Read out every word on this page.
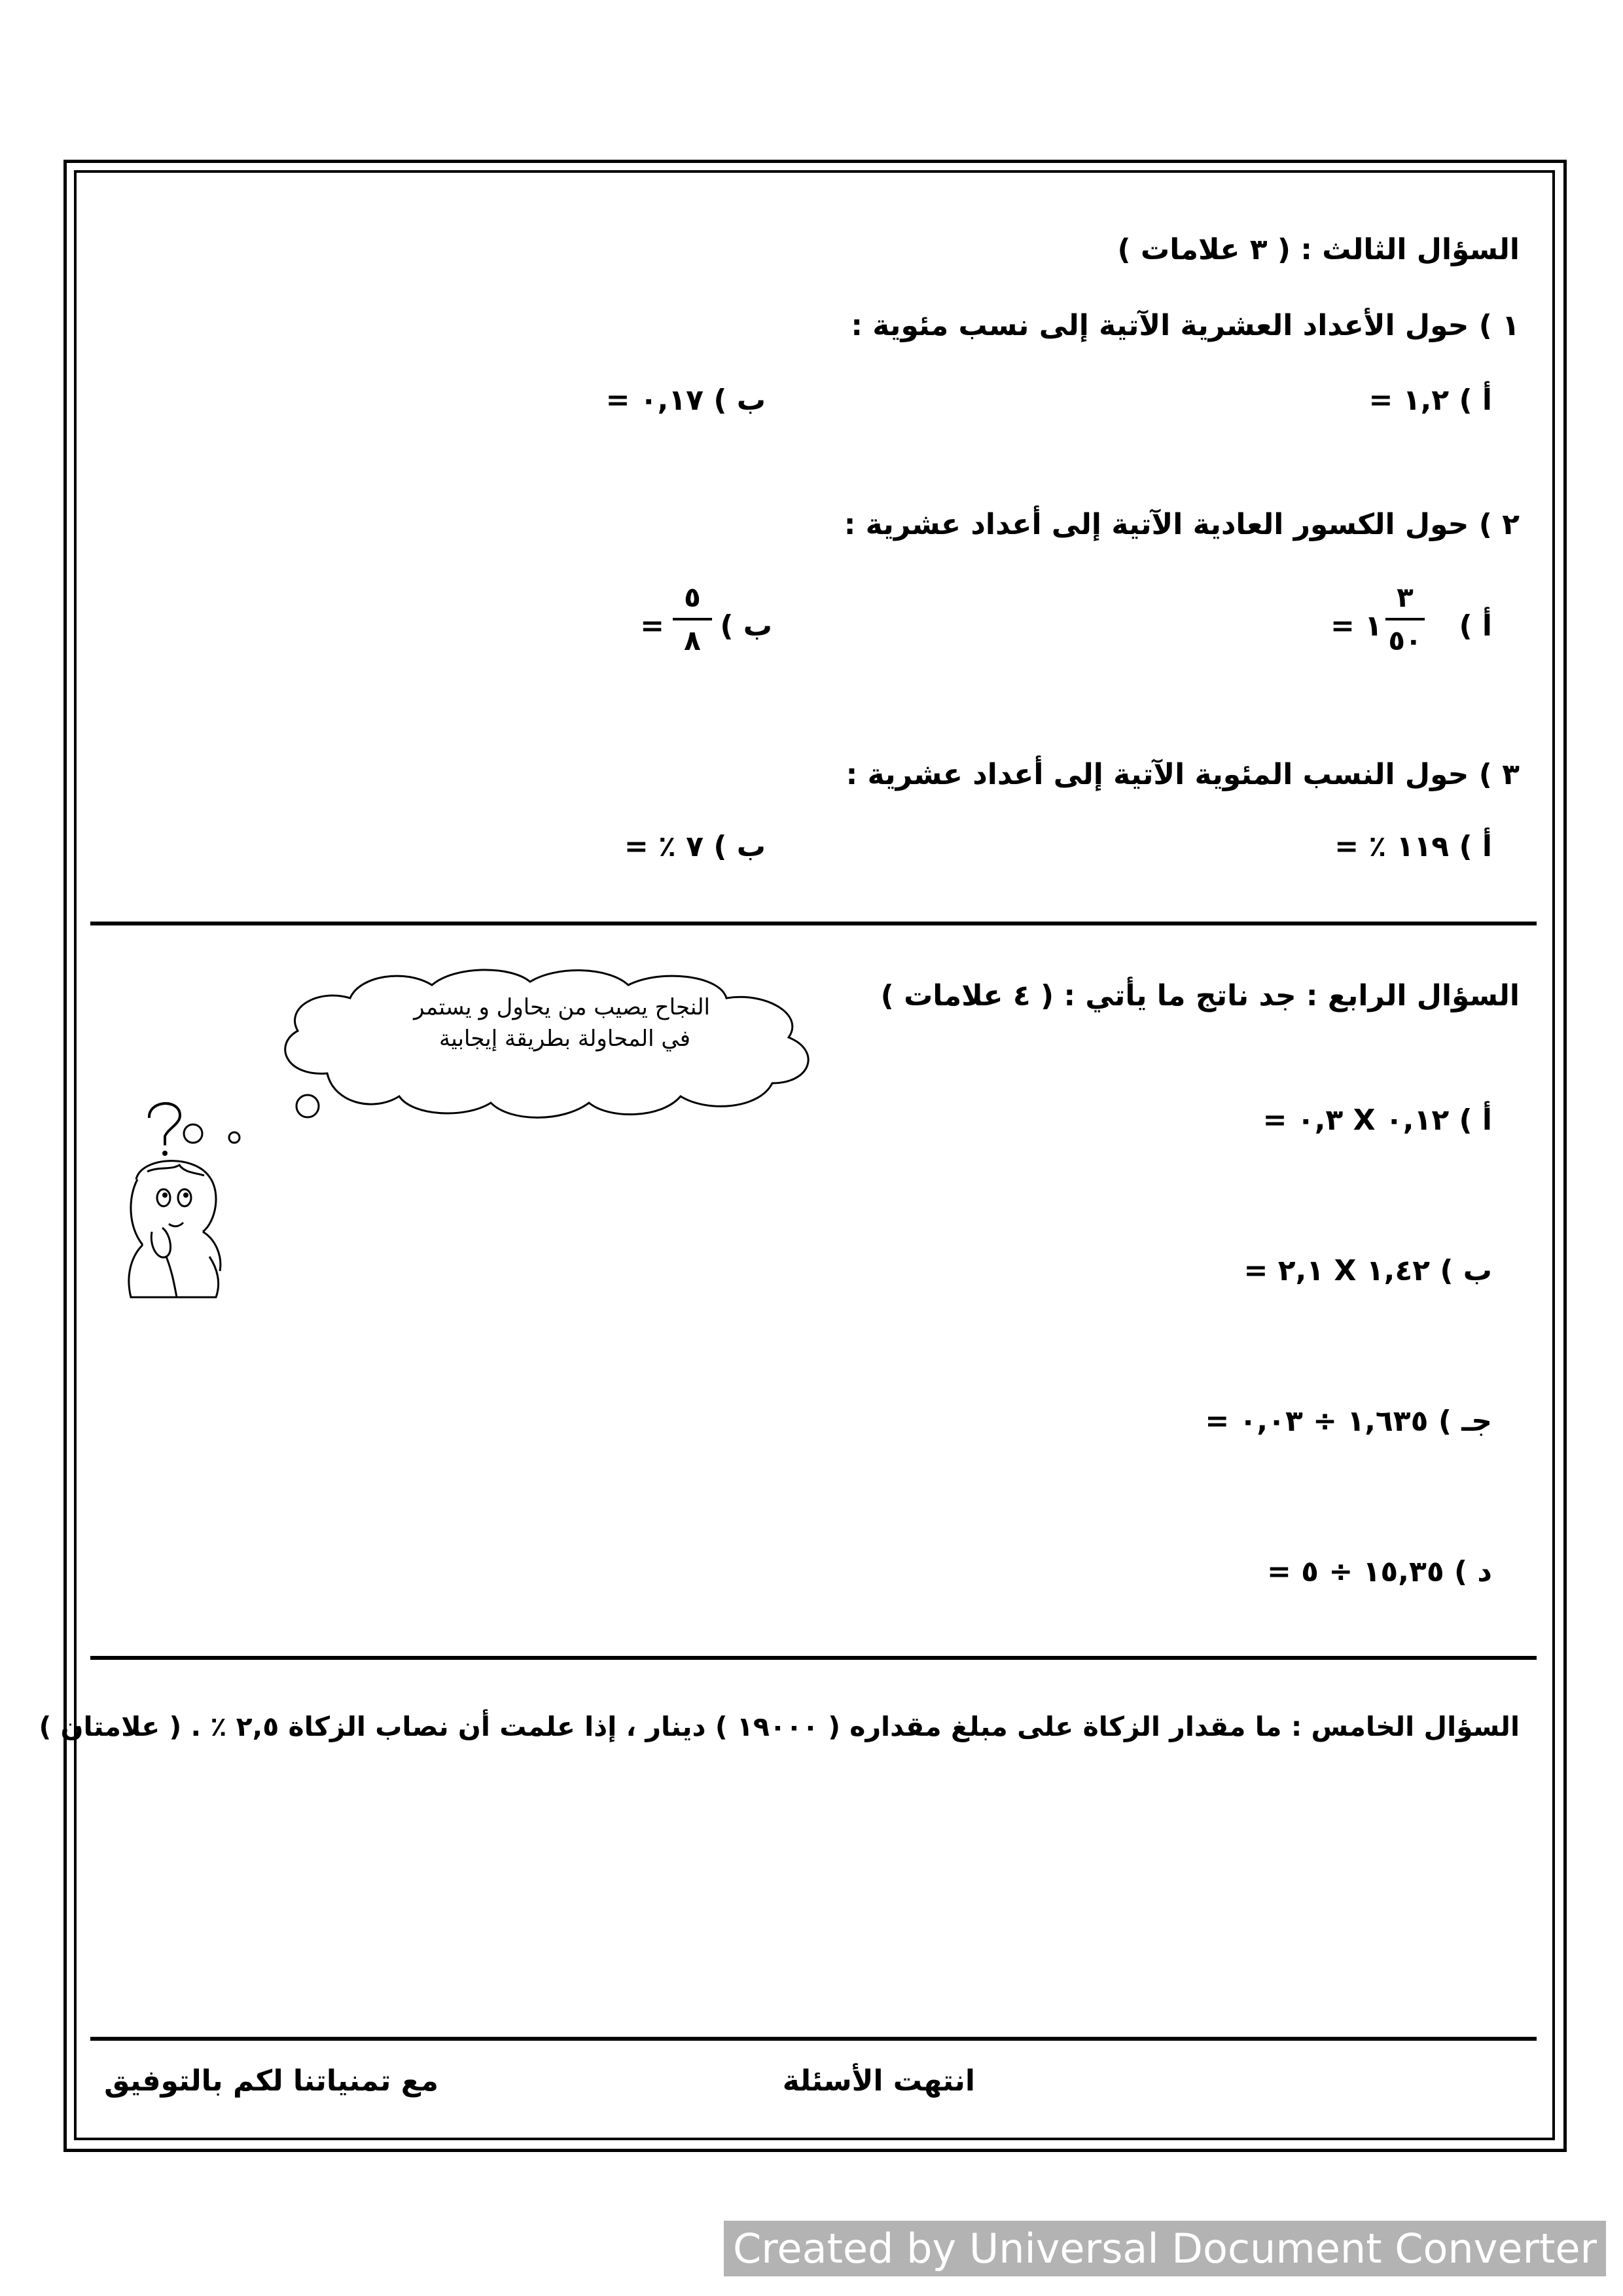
السؤال الثالث : ( ٣ علامات )
١ ) حول الأعداد العشرية الآتية إلى نسب مئوية :
أ ) ١,٢ =
ب ) ٠,١٧ =
٢ ) حول الكسور العادية الآتية إلى أعداد عشرية :
أ )
٣
٥٠
١ =
ب )
٥
٨
=
٣ ) حول النسب المئوية الآتية إلى أعداد عشرية :
أ ) ١١٩ ٪ =
ب ) ٧ ٪ =
السؤال الرابع : جد ناتج ما يأتي : ( ٤ علامات )
النجاح يصيب من يحاول و يستمر
في المحاولة بطريقة إيجابية
أ ) ٠,١٢ X ٠,٣ =
ب ) ١,٤٢ X ٢,١ =
جـ ) ١,٦٣٥ ÷ ٠,٠٣ =
د ) ١٥,٣٥ ÷ ٥ =
السؤال الخامس : ما مقدار الزكاة على مبلغ مقداره ( ١٩٠٠٠ ) دينار ، إذا علمت أن نصاب الزكاة ٢,٥ ٪ . ( علامتان )
انتهت الأسئلة
مع تمنياتنا لكم بالتوفيق
Created by Universal Document Converter
